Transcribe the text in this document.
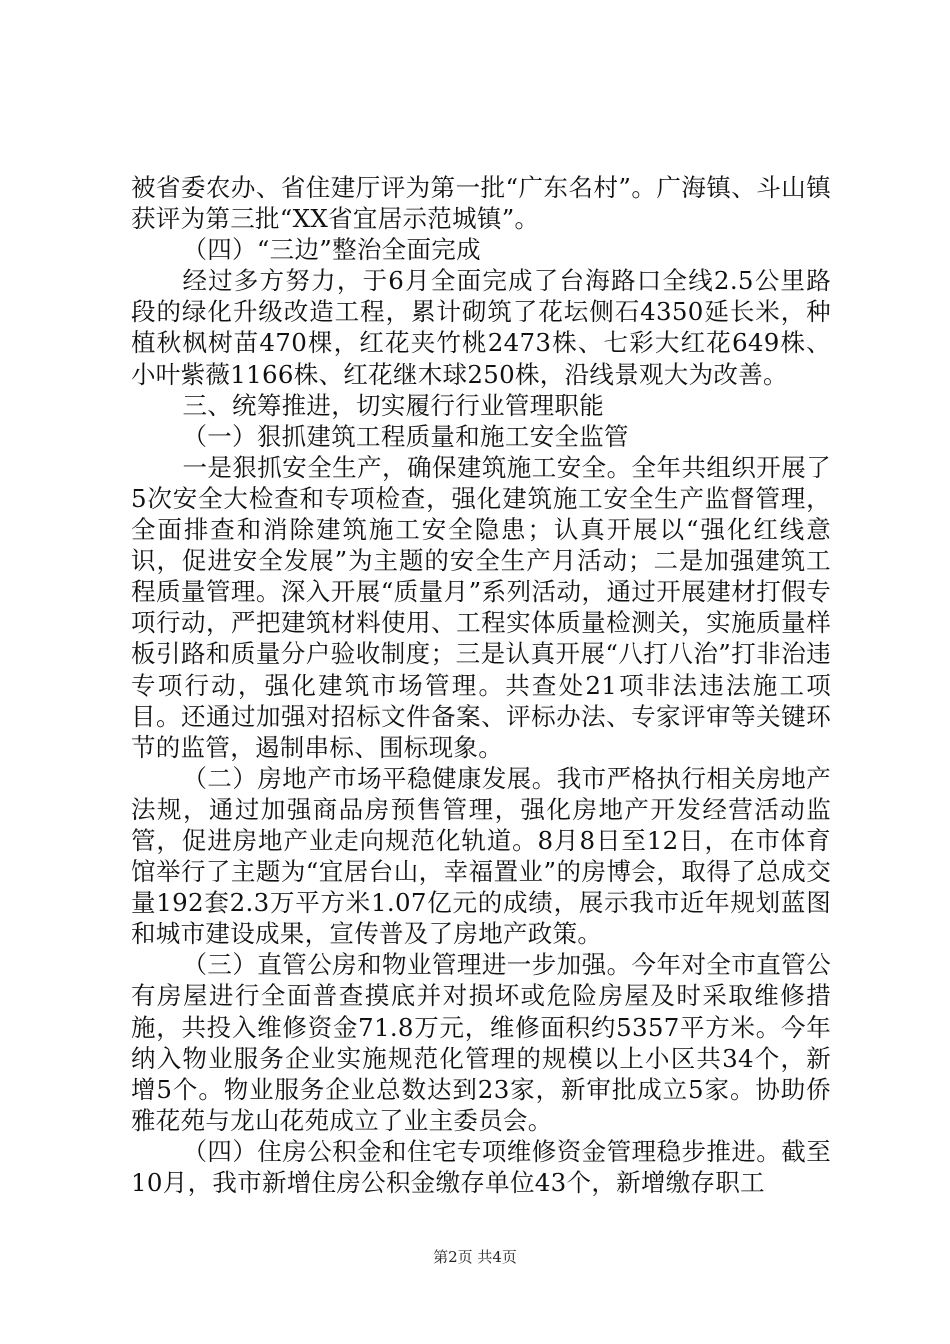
被省委农办、省住建厅评为第一批“广东名村”。广海镇、斗山镇获评为第三批“XX省宜居示范城镇”。

（四）“三边”整治全面完成

经过多方努力，于6月全面完成了台海路口全线2.5公里路段的绿化升级改造工程，累计砌筑了花坛侧石4350延长米，种植秋枫树苗470棵，红花夹竹桃2473株、七彩大红花649株、小叶紫薇1166株、红花继木球250株，沿线景观大为改善。

三、统筹推进，切实履行行业管理职能

（一）狠抓建筑工程质量和施工安全监管

一是狠抓安全生产，确保建筑施工安全。全年共组织开展了5次安全大检查和专项检查，强化建筑施工安全生产监督管理，全面排查和消除建筑施工安全隐患；认真开展以“强化红线意识，促进安全发展”为主题的安全生产月活动；二是加强建筑工程质量管理。深入开展“质量月”系列活动，通过开展建材打假专项行动，严把建筑材料使用、工程实体质量检测关，实施质量样板引路和质量分户验收制度；三是认真开展“八打八治”打非治违专项行动，强化建筑市场管理。共查处21项非法违法施工项目。还通过加强对招标文件备案、评标办法、专家评审等关键环节的监管，遏制串标、围标现象。

（二）房地产市场平稳健康发展。我市严格执行相关房地产法规，通过加强商品房预售管理，强化房地产开发经营活动监管，促进房地产业走向规范化轨道。8月8日至12日，在市体育馆举行了主题为“宜居台山，幸福置业”的房博会，取得了总成交量192套2.3万平方米1.07亿元的成绩，展示我市近年规划蓝图和城市建设成果，宣传普及了房地产政策。

（三）直管公房和物业管理进一步加强。今年对全市直管公有房屋进行全面普查摸底并对损坏或危险房屋及时采取维修措施，共投入维修资金71.8万元，维修面积约5357平方米。今年纳入物业服务企业实施规范化管理的规模以上小区共34个，新增5个。物业服务企业总数达到23家，新审批成立5家。协助侨雅花苑与龙山花苑成立了业主委员会。

（四）住房公积金和住宅专项维修资金管理稳步推进。截至10月，我市新增住房公积金缴存单位43个，新增缴存职工

第2页 共4页
